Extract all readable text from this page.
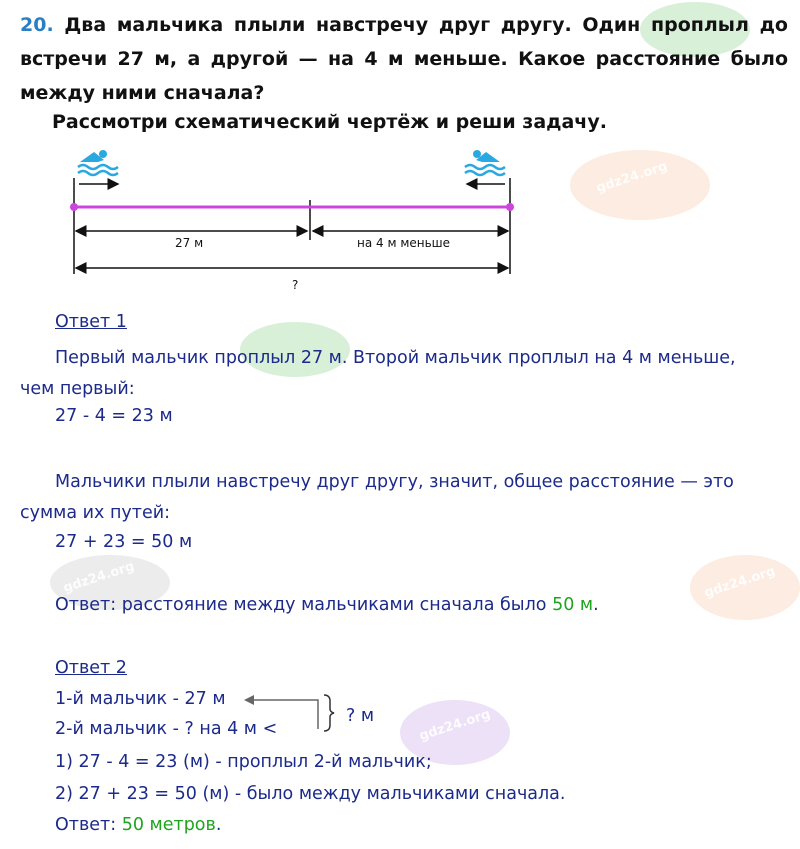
gdz24.org
gdz24.org	gdz24.org
gdz24.org
20. Два мальчика плыли навстречу друг другу. Один проплыл до встречи 27 м, а другой — на 4 м меньше. Какое расстояние было между ними сначала?
Рассмотри схематический чертёж и реши задачу.
27 м	на 4 м меньше
?
Ответ 1
Первый мальчик проплыл 27 м. Второй мальчик проплыл на 4 м меньше,
чем первый:
27 - 4 = 23 м
Мальчики плыли навстречу друг другу, значит, общее расстояние — это
сумма их путей:
27 + 23 = 50 м
Ответ: расстояние между мальчиками сначала было 50 м.
Ответ 2
1-й мальчик - 27 м
2-й мальчик - ? на 4 м <
? м
1) 27 - 4 = 23 (м) - проплыл 2-й мальчик;
2) 27 + 23 = 50 (м) - было между мальчиками сначала.
Ответ: 50 метров.
